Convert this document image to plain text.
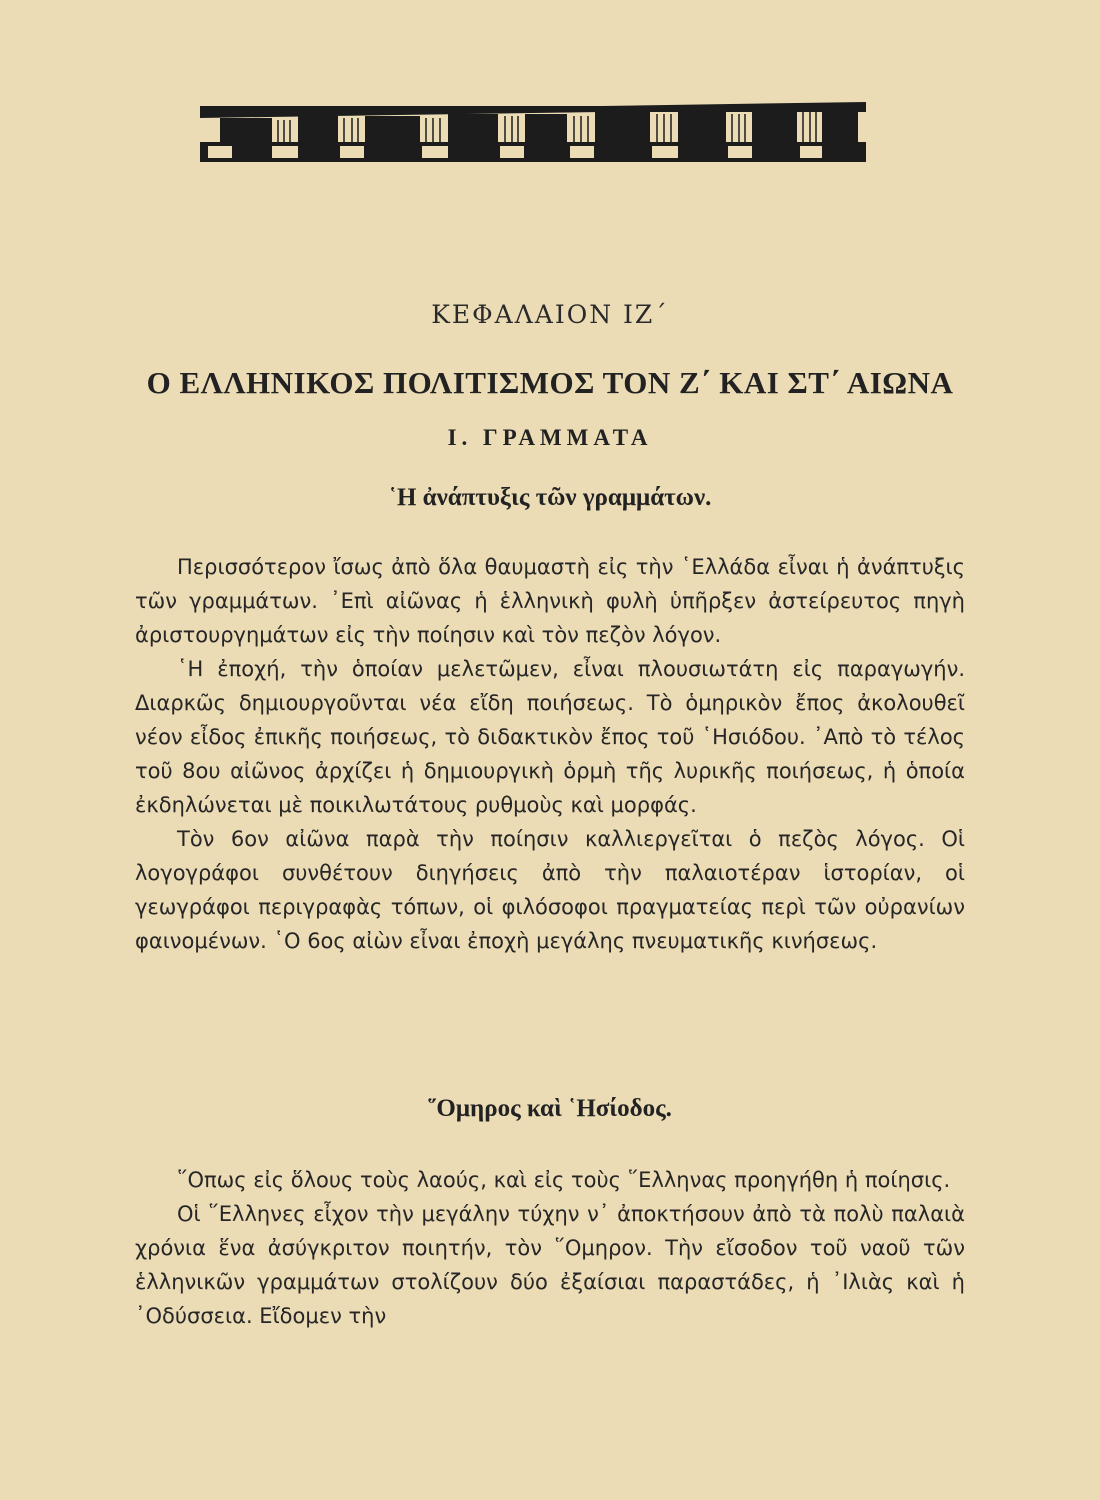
ΚΕΦΑΛΑΙΟΝ ΙΖ΄
Ο ΕΛΛΗΝΙΚΟΣ ΠΟΛΙΤΙΣΜΟΣ ΤΟΝ Ζ΄ ΚΑΙ ΣΤ΄ ΑΙΩΝΑ
Ι. ΓΡΑΜΜΑΤΑ
῾Η ἀνάπτυξις τῶν γραμμάτων.

Περισσότερον ἴσως ἀπὸ ὅλα θαυμαστὴ εἰς τὴν ῾Ελλάδα εἶναι ἡ ἀνάπτυξις τῶν γραμμάτων. ᾿Επὶ αἰῶνας ἡ ἑλληνικὴ φυλὴ ὑπῆρξεν ἀστείρευτος πηγὴ ἀριστουργημάτων εἰς τὴν ποίησιν καὶ τὸν πεζὸν λόγον.

῾Η ἐποχή, τὴν ὁποίαν μελετῶμεν, εἶναι πλουσιωτάτη εἰς παραγωγήν. Διαρκῶς δημιουργοῦνται νέα εἴδη ποιήσεως. Τὸ ὁμηρικὸν ἔπος ἀκολουθεῖ νέον εἶδος ἐπικῆς ποιήσεως, τὸ διδακτικὸν ἔπος τοῦ ῾Ησιόδου. ᾿Απὸ τὸ τέλος τοῦ 8ου αἰῶνος ἀρχίζει ἡ δημιουργικὴ ὁρμὴ τῆς λυρικῆς ποιήσεως, ἡ ὁποία ἐκδηλώνεται μὲ ποικιλωτάτους ρυθμοὺς καὶ μορφάς.

Τὸν 6ον αἰῶνα παρὰ τὴν ποίησιν καλλιεργεῖται ὁ πεζὸς λόγος. Οἱ λογογράφοι συνθέτουν διηγήσεις ἀπὸ τὴν παλαιοτέραν ἱστορίαν, οἱ γεωγράφοι περιγραφὰς τόπων, οἱ φιλόσοφοι πραγματείας περὶ τῶν οὐρανίων φαινομένων. ῾Ο 6ος αἰὼν εἶναι ἐποχὴ μεγάλης πνευματικῆς κινήσεως.

῞Ομηρος καὶ ῾Ησίοδος.

῞Οπως εἰς ὅλους τοὺς λαούς, καὶ εἰς τοὺς ῞Ελληνας προηγήθη ἡ ποίησις.

Οἱ ῞Ελληνες εἶχον τὴν μεγάλην τύχην ν᾿ ἀποκτήσουν ἀπὸ τὰ πολὺ παλαιὰ χρόνια ἕνα ἀσύγκριτον ποιητήν, τὸν ῞Ομηρον. Τὴν εἴσοδον τοῦ ναοῦ τῶν ἑλληνικῶν γραμμάτων στολίζουν δύο ἐξαίσιαι παραστάδες, ἡ ᾿Ιλιὰς καὶ ἡ ᾿Οδύσσεια. Εἴδομεν τὴν
